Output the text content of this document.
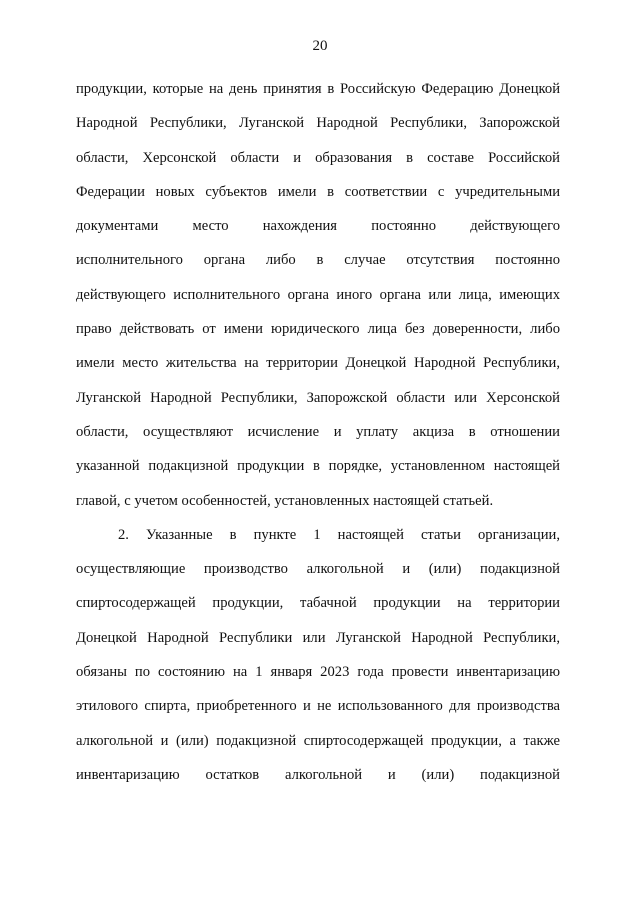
20
продукции, которые на день принятия в Российскую Федерацию Донецкой
Народной Республики, Луганской Народной Республики, Запорожской
области, Херсонской области и образования в составе Российской
Федерации новых субъектов имели в соответствии с учредительными
документами место нахождения постоянно действующего
исполнительного органа либо в случае отсутствия постоянно
действующего исполнительного органа иного органа или лица, имеющих
право действовать от имени юридического лица без доверенности, либо
имели место жительства на территории Донецкой Народной Республики,
Луганской Народной Республики, Запорожской области или Херсонской
области, осуществляют исчисление и уплату акциза в отношении
указанной подакцизной продукции в порядке, установленном настоящей
главой, с учетом особенностей, установленных настоящей статьей.
2. Указанные в пункте 1 настоящей статьи организации,
осуществляющие производство алкогольной и (или) подакцизной
спиртосодержащей продукции, табачной продукции на территории
Донецкой Народной Республики или Луганской Народной Республики,
обязаны по состоянию на 1 января 2023 года провести инвентаризацию
этилового спирта, приобретенного и не использованного для производства
алкогольной и (или) подакцизной спиртосодержащей продукции, а также
инвентаризацию остатков алкогольной и (или) подакцизной
